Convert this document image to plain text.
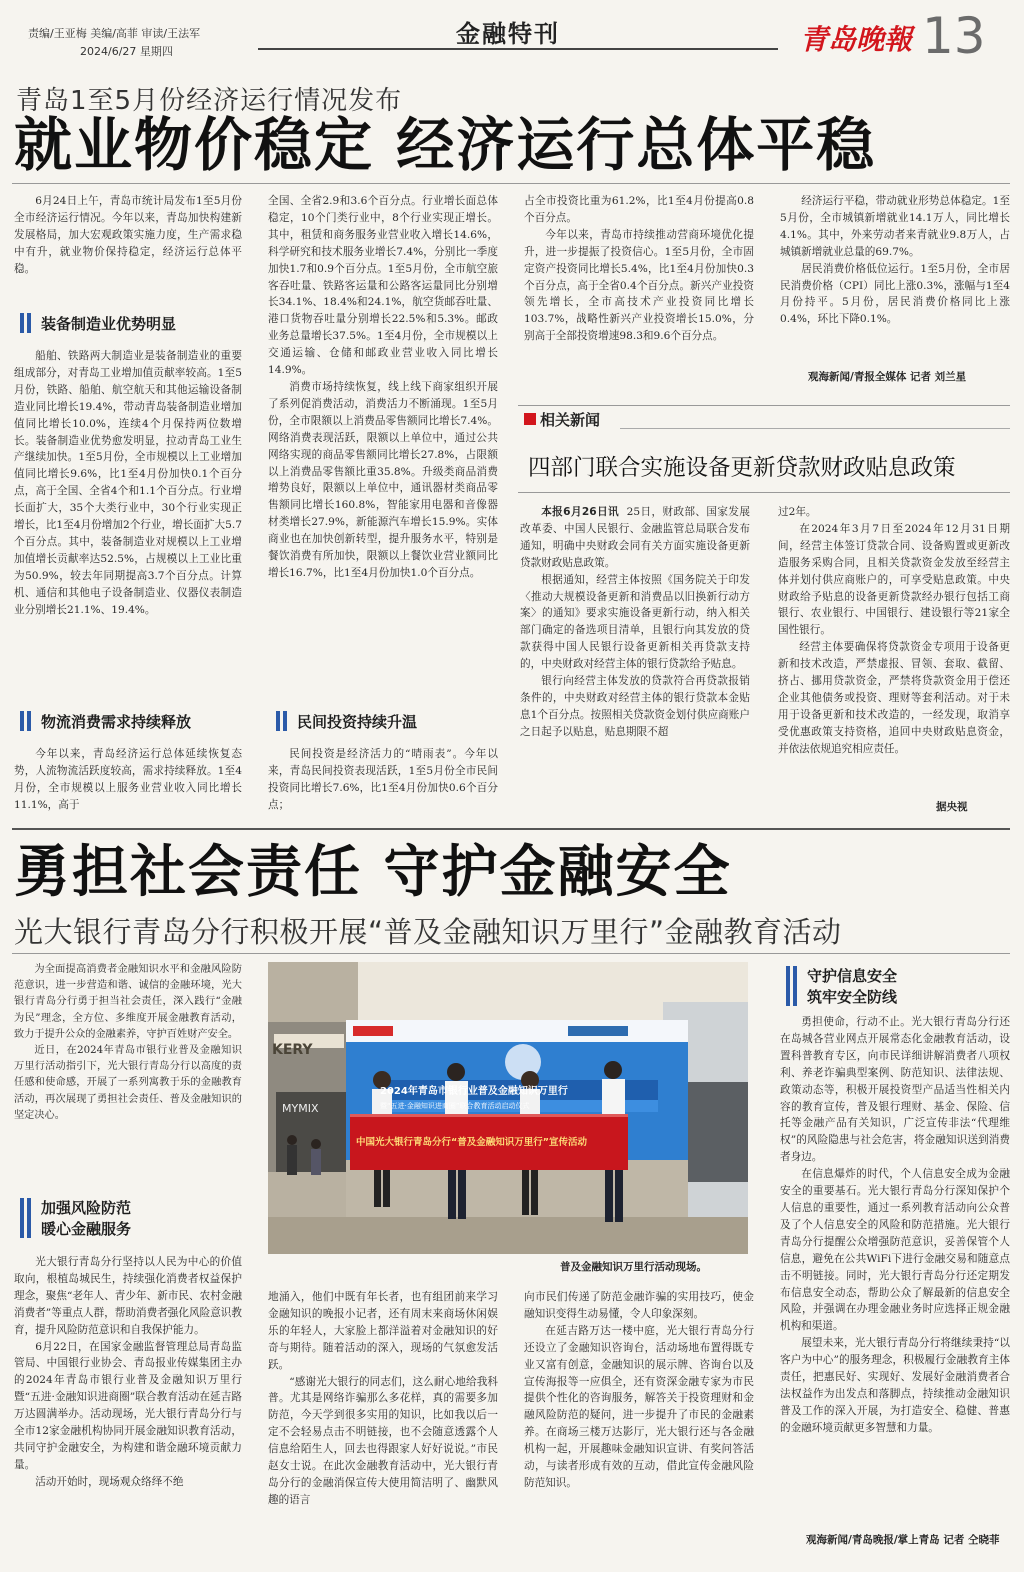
责编/王亚梅 美编/高菲 审读/王法军
2024/6/27 星期四
金融特刊	青岛晚報 13
青岛1至5月份经济运行情况发布
就业物价稳定 经济运行总体平稳

6月24日上午，青岛市统计局发布1至5月份全市经济运行情况。今年以来，青岛加快构建新发展格局，加大宏观政策实施力度，生产需求稳中有升，就业物价保持稳定，经济运行总体平稳。

装备制造业优势明显

船舶、铁路两大制造业是装备制造业的重要组成部分，对青岛工业增加值贡献率较高。1至5月份，铁路、船舶、航空航天和其他运输设备制造业同比增长19.4%，带动青岛装备制造业增加值同比增长10.0%，连续4个月保持两位数增长。装备制造业优势愈发明显，拉动青岛工业生产继续加快。1至5月份，全市规模以上工业增加值同比增长9.6%，比1至4月份加快0.1个百分点，高于全国、全省4个和1.1个百分点。行业增长面扩大，35个大类行业中，30个行业实现正增长，比1至4月份增加2个行业，增长面扩大5.7个百分点。其中，装备制造业对规模以上工业增加值增长贡献率达52.5%，占规模以上工业比重为50.9%，较去年同期提高3.7个百分点。计算机、通信和其他电子设备制造业、仪器仪表制造业分别增长21.1%、19.4%。

物流消费需求持续释放

今年以来，青岛经济运行总体延续恢复态势，人流物流活跃度较高，需求持续释放。1至4月份，全市规模以上服务业营业收入同比增长11.1%，高于

全国、全省2.9和3.6个百分点。行业增长面总体稳定，10个门类行业中，8个行业实现正增长。其中，租赁和商务服务业营业收入增长14.6%，科学研究和技术服务业增长7.4%，分别比一季度加快1.7和0.9个百分点。1至5月份，全市航空旅客吞吐量、铁路客运量和公路客运量同比分别增长34.1%、18.4%和24.1%，航空货邮吞吐量、港口货物吞吐量分别增长22.5%和5.3%。邮政业务总量增长37.5%。1至4月份，全市规模以上交通运输、仓储和邮政业营业收入同比增长14.9%。

消费市场持续恢复，线上线下商家组织开展了系列促消费活动，消费活力不断涌现。1至5月份，全市限额以上消费品零售额同比增长7.4%。网络消费表现活跃，限额以上单位中，通过公共网络实现的商品零售额同比增长27.8%，占限额以上消费品零售额比重35.8%。升级类商品消费增势良好，限额以上单位中，通讯器材类商品零售额同比增长160.8%，智能家用电器和音像器材类增长27.9%，新能源汽车增长15.9%。实体商业也在加快创新转型，提升服务水平，特别是餐饮消费有所加快，限额以上餐饮业营业额同比增长16.7%，比1至4月份加快1.0个百分点。

民间投资持续升温

民间投资是经济活力的“晴雨表”。今年以来，青岛民间投资表现活跃，1至5月份全市民间投资同比增长7.6%，比1至4月份加快0.6个百分点；

占全市投资比重为61.2%，比1至4月份提高0.8个百分点。

今年以来，青岛市持续推动营商环境优化提升，进一步提振了投资信心。1至5月份，全市固定资产投资同比增长5.4%，比1至4月份加快0.3个百分点，高于全省0.4个百分点。新兴产业投资领先增长，全市高技术产业投资同比增长103.7%，战略性新兴产业投资增长15.0%，分别高于全部投资增速98.3和9.6个百分点。

经济运行平稳，带动就业形势总体稳定。1至5月份，全市城镇新增就业14.1万人，同比增长4.1%。其中，外来劳动者来青就业9.8万人，占城镇新增就业总量的69.7%。

居民消费价格低位运行。1至5月份，全市居民消费价格（CPI）同比上涨0.3%，涨幅与1至4月份持平。5月份，居民消费价格同比上涨0.4%，环比下降0.1%。

观海新闻/青报全媒体 记者 刘兰星
相关新闻
四部门联合实施设备更新贷款财政贴息政策

本报6月26日讯 25日，财政部、国家发展改革委、中国人民银行、金融监管总局联合发布通知，明确中央财政会同有关方面实施设备更新贷款财政贴息政策。

根据通知，经营主体按照《国务院关于印发〈推动大规模设备更新和消费品以旧换新行动方案〉的通知》要求实施设备更新行动，纳入相关部门确定的备选项目清单，且银行向其发放的贷款获得中国人民银行设备更新相关再贷款支持的，中央财政对经营主体的银行贷款给予贴息。

银行向经营主体发放的贷款符合再贷款报销条件的，中央财政对经营主体的银行贷款本金贴息1个百分点。按照相关贷款资金划付供应商账户之日起予以贴息，贴息期限不超

过2年。

在2024年3月7日至2024年12月31日期间，经营主体签订贷款合同、设备购置或更新改造服务采购合同，且相关贷款资金发放至经营主体并划付供应商账户的，可享受贴息政策。中央财政给予贴息的设备更新贷款经办银行包括工商银行、农业银行、中国银行、建设银行等21家全国性银行。

经营主体要确保将贷款资金专项用于设备更新和技术改造，严禁虚报、冒领、套取、截留、挤占、挪用贷款资金，严禁将贷款资金用于偿还企业其他债务或投资、理财等套利活动。对于未用于设备更新和技术改造的，一经发现，取消享受优惠政策支持资格，追回中央财政贴息资金，并依法依规追究相应责任。

据央视
勇担社会责任 守护金融安全
光大银行青岛分行积极开展“普及金融知识万里行”金融教育活动

为全面提高消费者金融知识水平和金融风险防范意识，进一步营造和谐、诚信的金融环境，光大银行青岛分行勇于担当社会责任，深入践行“金融为民”理念，全方位、多维度开展金融教育活动，致力于提升公众的金融素养，守护百姓财产安全。

近日，在2024年青岛市银行业普及金融知识万里行活动指引下，光大银行青岛分行以高度的责任感和使命感，开展了一系列寓教于乐的金融教育活动，再次展现了勇担社会责任、普及金融知识的坚定决心。

加强风险防范
暖心金融服务

光大银行青岛分行坚持以人民为中心的价值取向，根植岛城民生，持续强化消费者权益保护理念，聚焦“老年人、青少年、新市民、农村金融消费者”等重点人群，帮助消费者强化风险意识教育，提升风险防范意识和自我保护能力。

6月22日，在国家金融监督管理总局青岛监管局、中国银行业协会、青岛报业传媒集团主办的2024年青岛市银行业普及金融知识万里行暨“五进·金融知识进商圈”联合教育活动在延吉路万达圆满举办。活动现场，光大银行青岛分行与全市12家金融机构协同开展金融知识教育活动，共同守护金融安全，为构建和谐金融环境贡献力量。

活动开始时，现场观众络绎不绝

KERY
MYMIX
2024年青岛市银行业普及金融知识万里行
暨“五进·金融知识进商圈”联合教育活动启动仪式
中国光大银行青岛分行“普及金融知识万里行”宣传活动
普及金融知识万里行活动现场。

地涌入，他们中既有年长者，也有组团前来学习金融知识的晚报小记者，还有周末来商场休闲娱乐的年轻人，大家脸上都洋溢着对金融知识的好奇与期待。随着活动的深入，现场的气氛愈发活跃。

“感谢光大银行的同志们，这么耐心地给我科普。尤其是网络诈骗那么多花样，真的需要多加防范，今天学到很多实用的知识，比如我以后一定不会轻易点击不明链接，也不会随意透露个人信息给陌生人，回去也得跟家人好好说说。”市民赵女士说。在此次金融教育活动中，光大银行青岛分行的金融消保宣传大使用简洁明了、幽默风趣的语言

向市民们传递了防范金融诈骗的实用技巧，使金融知识变得生动易懂，令人印象深刻。

在延吉路万达一楼中庭，光大银行青岛分行还设立了金融知识咨询台，活动场地布置得既专业又富有创意，金融知识的展示牌、咨询台以及宣传海报等一应俱全，还有资深金融专家为市民提供个性化的咨询服务，解答关于投资理财和金融风险防范的疑问，进一步提升了市民的金融素养。在商场三楼万达影厅，光大银行还与各金融机构一起，开展趣味金融知识宣讲、有奖问答活动，与读者形成有效的互动，借此宣传金融风险防范知识。

守护信息安全
筑牢安全防线

勇担使命，行动不止。光大银行青岛分行还在岛城各营业网点开展常态化金融教育活动，设置科普教育专区，向市民详细讲解消费者八项权利、养老诈骗典型案例、防范知识、法律法规、政策动态等，积极开展投资型产品适当性相关内容的教育宣传，普及银行理财、基金、保险、信托等金融产品有关知识，广泛宣传非法“代理维权”的风险隐患与社会危害，将金融知识送到消费者身边。

在信息爆炸的时代，个人信息安全成为金融安全的重要基石。光大银行青岛分行深知保护个人信息的重要性，通过一系列教育活动向公众普及了个人信息安全的风险和防范措施。光大银行青岛分行提醒公众增强防范意识，妥善保管个人信息，避免在公共WiFi下进行金融交易和随意点击不明链接。同时，光大银行青岛分行还定期发布信息安全动态，帮助公众了解最新的信息安全风险，并强调在办理金融业务时应选择正规金融机构和渠道。

展望未来，光大银行青岛分行将继续秉持“以客户为中心”的服务理念，积极履行金融教育主体责任，把惠民好、实现好、发展好金融消费者合法权益作为出发点和落脚点，持续推动金融知识普及工作的深入开展，为打造安全、稳健、普惠的金融环境贡献更多智慧和力量。

观海新闻/青岛晚报/掌上青岛 记者 仝晓菲
